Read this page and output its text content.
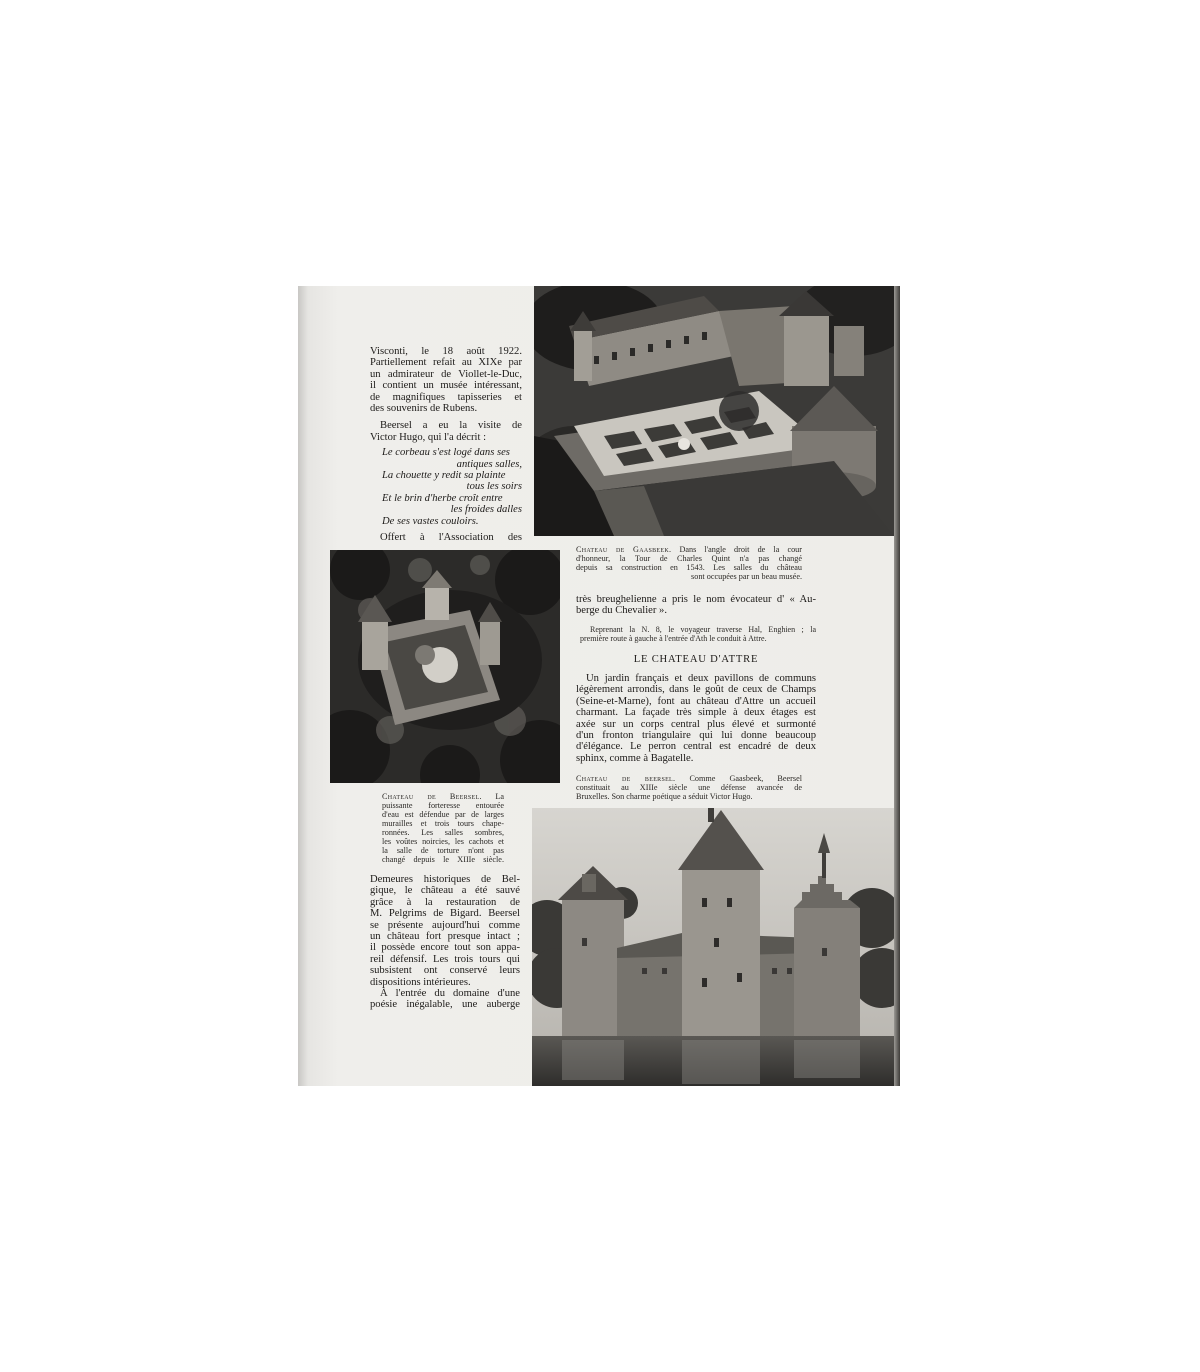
Visconti, le 18 août 1922.
Partiellement refait au XIXe par
un admirateur de Viollet-le-Duc,
il contient un musée intéressant,
de magnifiques tapisseries et
des souvenirs de Rubens.
Beersel a eu la visite de
Victor Hugo, qui l'a décrit :
Le corbeau s'est logé dans ses
antiques salles,
La chouette y redit sa plainte
tous les soirs
Et le brin d'herbe croît entre
les froides dalles
De ses vastes couloirs.
Offert à l'Association des
Chateau de Gaasbeek. Dans l'angle droit de la cour
d'honneur, la Tour de Charles Quint n'a pas changé
depuis sa construction en 1543. Les salles du château
sont occupées par un beau musée.
très breughelienne a pris le nom évocateur d' « Au-
berge du Chevalier ».
Reprenant la N. 8, le voyageur traverse Hal, Enghien ; la
première route à gauche à l'entrée d'Ath le conduit à Attre.
LE CHATEAU D'ATTRE
Un jardin français et deux pavillons de communs
légèrement arrondis, dans le goût de ceux de Champs
(Seine-et-Marne), font au château d'Attre un accueil
charmant. La façade très simple à deux étages est
axée sur un corps central plus élevé et surmonté
d'un fronton triangulaire qui lui donne beaucoup
d'élégance. Le perron central est encadré de deux
sphinx, comme à Bagatelle.
Chateau de beersel. Comme Gaasbeek, Beersel
constituait au XIIIe siècle une défense avancée de
Bruxelles. Son charme poétique a séduit Victor Hugo.
Chateau de Beersel. La
puissante forteresse entourée
d'eau est défendue par de larges
murailles et trois tours chape-
ronnées. Les salles sombres,
les voûtes noircies, les cachots et
la salle de torture n'ont pas
changé depuis le XIIIe siècle.
Demeures historiques de Bel-
gique, le château a été sauvé
grâce à la restauration de
M. Pelgrims de Bigard. Beersel
se présente aujourd'hui comme
un château fort presque intact ;
il possède encore tout son appa-
reil défensif. Les trois tours qui
subsistent ont conservé leurs
dispositions intérieures.
À l'entrée du domaine d'une
poésie inégalable, une auberge
